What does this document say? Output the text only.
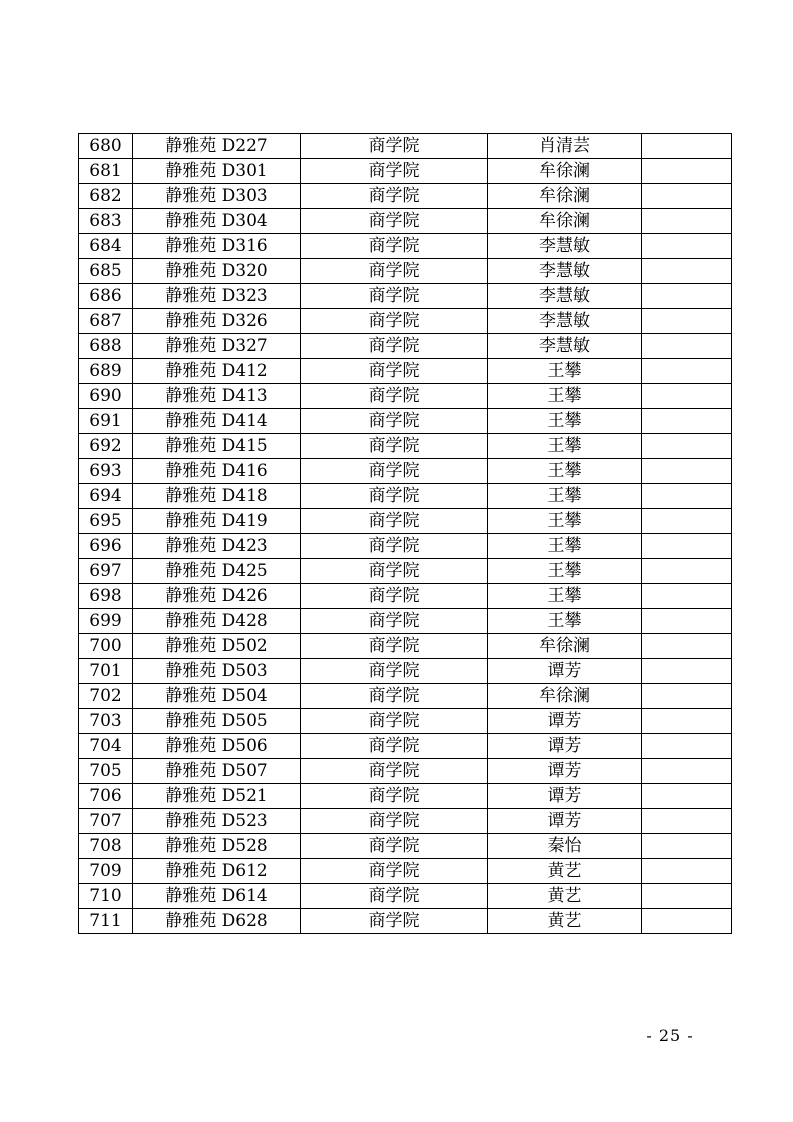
680	静雅苑 D227	商学院	肖清芸	
681	静雅苑 D301	商学院	牟徐澜	
682	静雅苑 D303	商学院	牟徐澜	
683	静雅苑 D304	商学院	牟徐澜	
684	静雅苑 D316	商学院	李慧敏	
685	静雅苑 D320	商学院	李慧敏	
686	静雅苑 D323	商学院	李慧敏	
687	静雅苑 D326	商学院	李慧敏	
688	静雅苑 D327	商学院	李慧敏	
689	静雅苑 D412	商学院	王攀	
690	静雅苑 D413	商学院	王攀	
691	静雅苑 D414	商学院	王攀	
692	静雅苑 D415	商学院	王攀	
693	静雅苑 D416	商学院	王攀	
694	静雅苑 D418	商学院	王攀	
695	静雅苑 D419	商学院	王攀	
696	静雅苑 D423	商学院	王攀	
697	静雅苑 D425	商学院	王攀	
698	静雅苑 D426	商学院	王攀	
699	静雅苑 D428	商学院	王攀	
700	静雅苑 D502	商学院	牟徐澜	
701	静雅苑 D503	商学院	谭芳	
702	静雅苑 D504	商学院	牟徐澜	
703	静雅苑 D505	商学院	谭芳	
704	静雅苑 D506	商学院	谭芳	
705	静雅苑 D507	商学院	谭芳	
706	静雅苑 D521	商学院	谭芳	
707	静雅苑 D523	商学院	谭芳	
708	静雅苑 D528	商学院	秦怡	
709	静雅苑 D612	商学院	黄艺	
710	静雅苑 D614	商学院	黄艺	
711	静雅苑 D628	商学院	黄艺	
- 25 -
